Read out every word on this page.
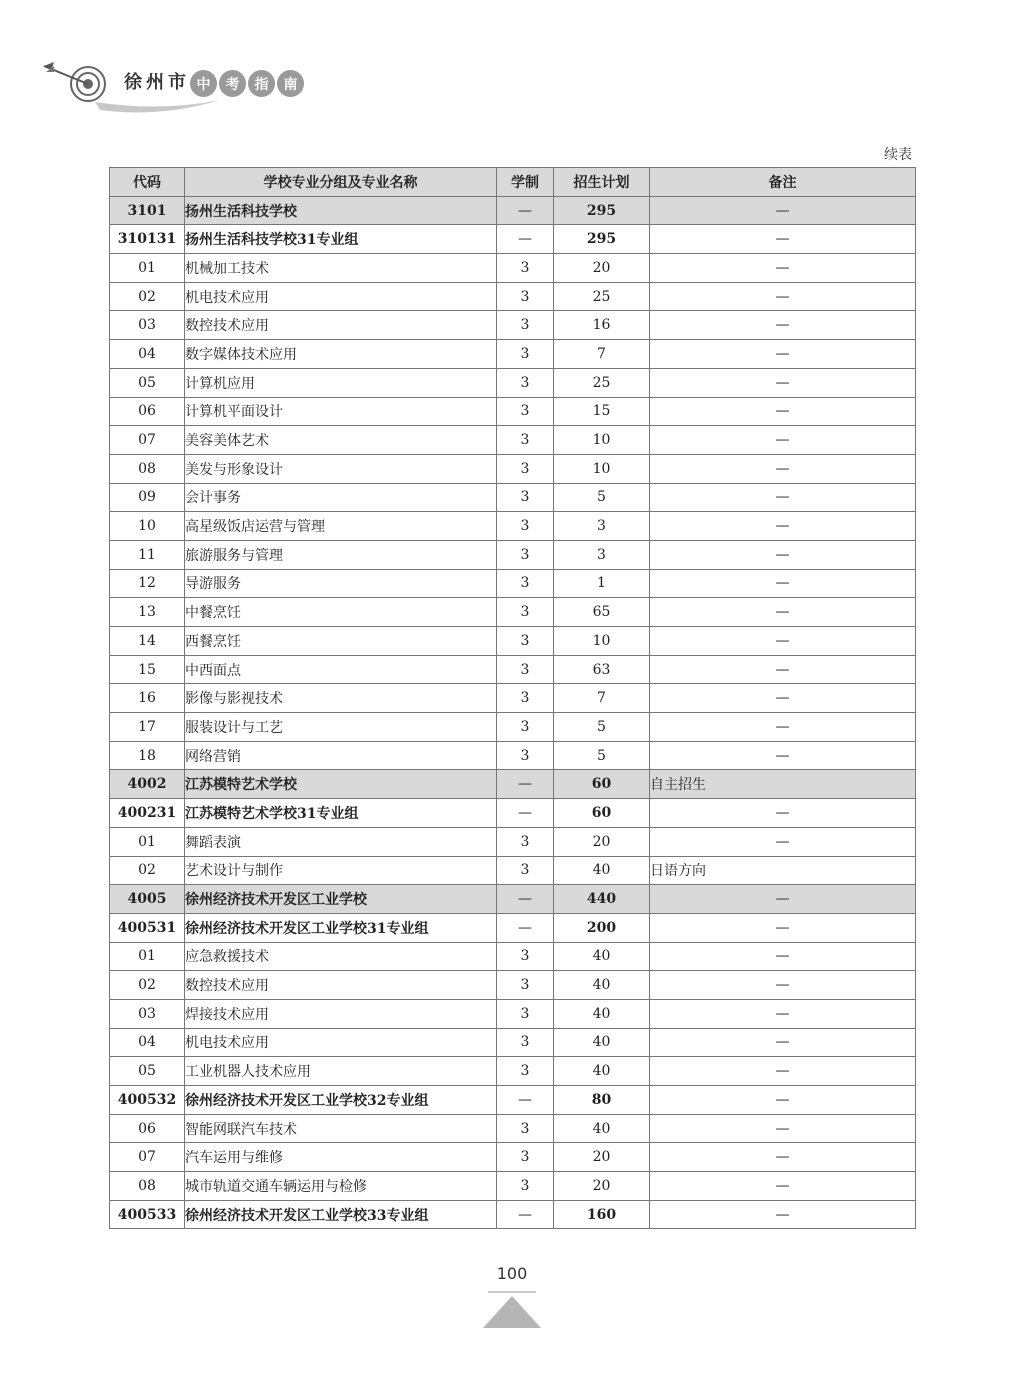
徐州市 中	考	指	南
续表
代码	学校专业分组及专业名称	学制	招生计划	备注
3101	扬州生活科技学校	—	295	—
310131	扬州生活科技学校31专业组	—	295	—
01	机械加工技术	3	20	—
02	机电技术应用	3	25	—
03	数控技术应用	3	16	—
04	数字媒体技术应用	3	7	—
05	计算机应用	3	25	—
06	计算机平面设计	3	15	—
07	美容美体艺术	3	10	—
08	美发与形象设计	3	10	—
09	会计事务	3	5	—
10	高星级饭店运营与管理	3	3	—
11	旅游服务与管理	3	3	—
12	导游服务	3	1	—
13	中餐烹饪	3	65	—
14	西餐烹饪	3	10	—
15	中西面点	3	63	—
16	影像与影视技术	3	7	—
17	服装设计与工艺	3	5	—
18	网络营销	3	5	—
4002	江苏模特艺术学校	—	60	自主招生
400231	江苏模特艺术学校31专业组	—	60	—
01	舞蹈表演	3	20	—
02	艺术设计与制作	3	40	日语方向
4005	徐州经济技术开发区工业学校	—	440	—
400531	徐州经济技术开发区工业学校31专业组	—	200	—
01	应急救援技术	3	40	—
02	数控技术应用	3	40	—
03	焊接技术应用	3	40	—
04	机电技术应用	3	40	—
05	工业机器人技术应用	3	40	—
400532	徐州经济技术开发区工业学校32专业组	—	80	—
06	智能网联汽车技术	3	40	—
07	汽车运用与维修	3	20	—
08	城市轨道交通车辆运用与检修	3	20	—
400533	徐州经济技术开发区工业学校33专业组	—	160	—
100
